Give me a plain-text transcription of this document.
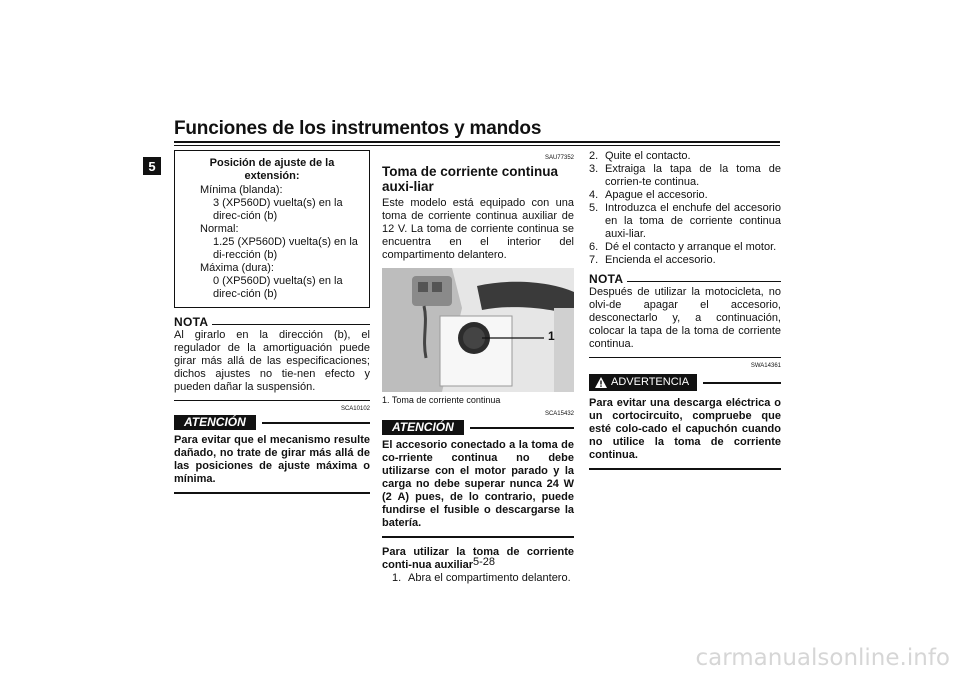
Funciones de los instrumentos y mandos
5	Posición de ajuste de la extensión:
Mínima (blanda):
3 (XP560D) vuelta(s) en la direc-ción (b)
Normal:
1.25 (XP560D) vuelta(s) en la di-rección (b)
Máxima (dura):
0 (XP560D) vuelta(s) en la direc-ción (b)
NOTA
Al girarlo en la dirección (b), el regulador de la amortiguación puede girar más allá de las especificaciones; dichos ajustes no tie-nen efecto y pueden dañar la suspensión.
SCA10102
ATENCIÓN
Para evitar que el mecanismo resulte dañado, no trate de girar más allá de las posiciones de ajuste máxima o mínima.
SAU77352
Toma de corriente continua auxi-liar
Este modelo está equipado con una toma de corriente continua auxiliar de 12 V. La toma de corriente continua se encuentra en el interior del compartimento delantero.
1
1. Toma de corriente continua
SCA15432
ATENCIÓN
El accesorio conectado a la toma de co-rriente continua no debe utilizarse con el motor parado y la carga no debe superar nunca 24 W (2 A) pues, de lo contrario, puede fundirse el fusible o descargarse la batería.
Para utilizar la toma de corriente conti-nua auxiliar
1. Abra el compartimento delantero.
2. Quite el contacto.
3. Extraiga la tapa de la toma de corrien-te continua.
4. Apague el accesorio.
5. Introduzca el enchufe del accesorio en la toma de corriente continua auxi-liar.
6. Dé el contacto y arranque el motor.
7. Encienda el accesorio.
NOTA
Después de utilizar la motocicleta, no olvi-de apagar el accesorio, desconectarlo y, a continuación, colocar la tapa de la toma de corriente continua.
SWA14361
ADVERTENCIA
Para evitar una descarga eléctrica o un cortocircuito, compruebe que esté colo-cado el capuchón cuando no utilice la toma de corriente continua.
5-28
carmanualsonline.info
